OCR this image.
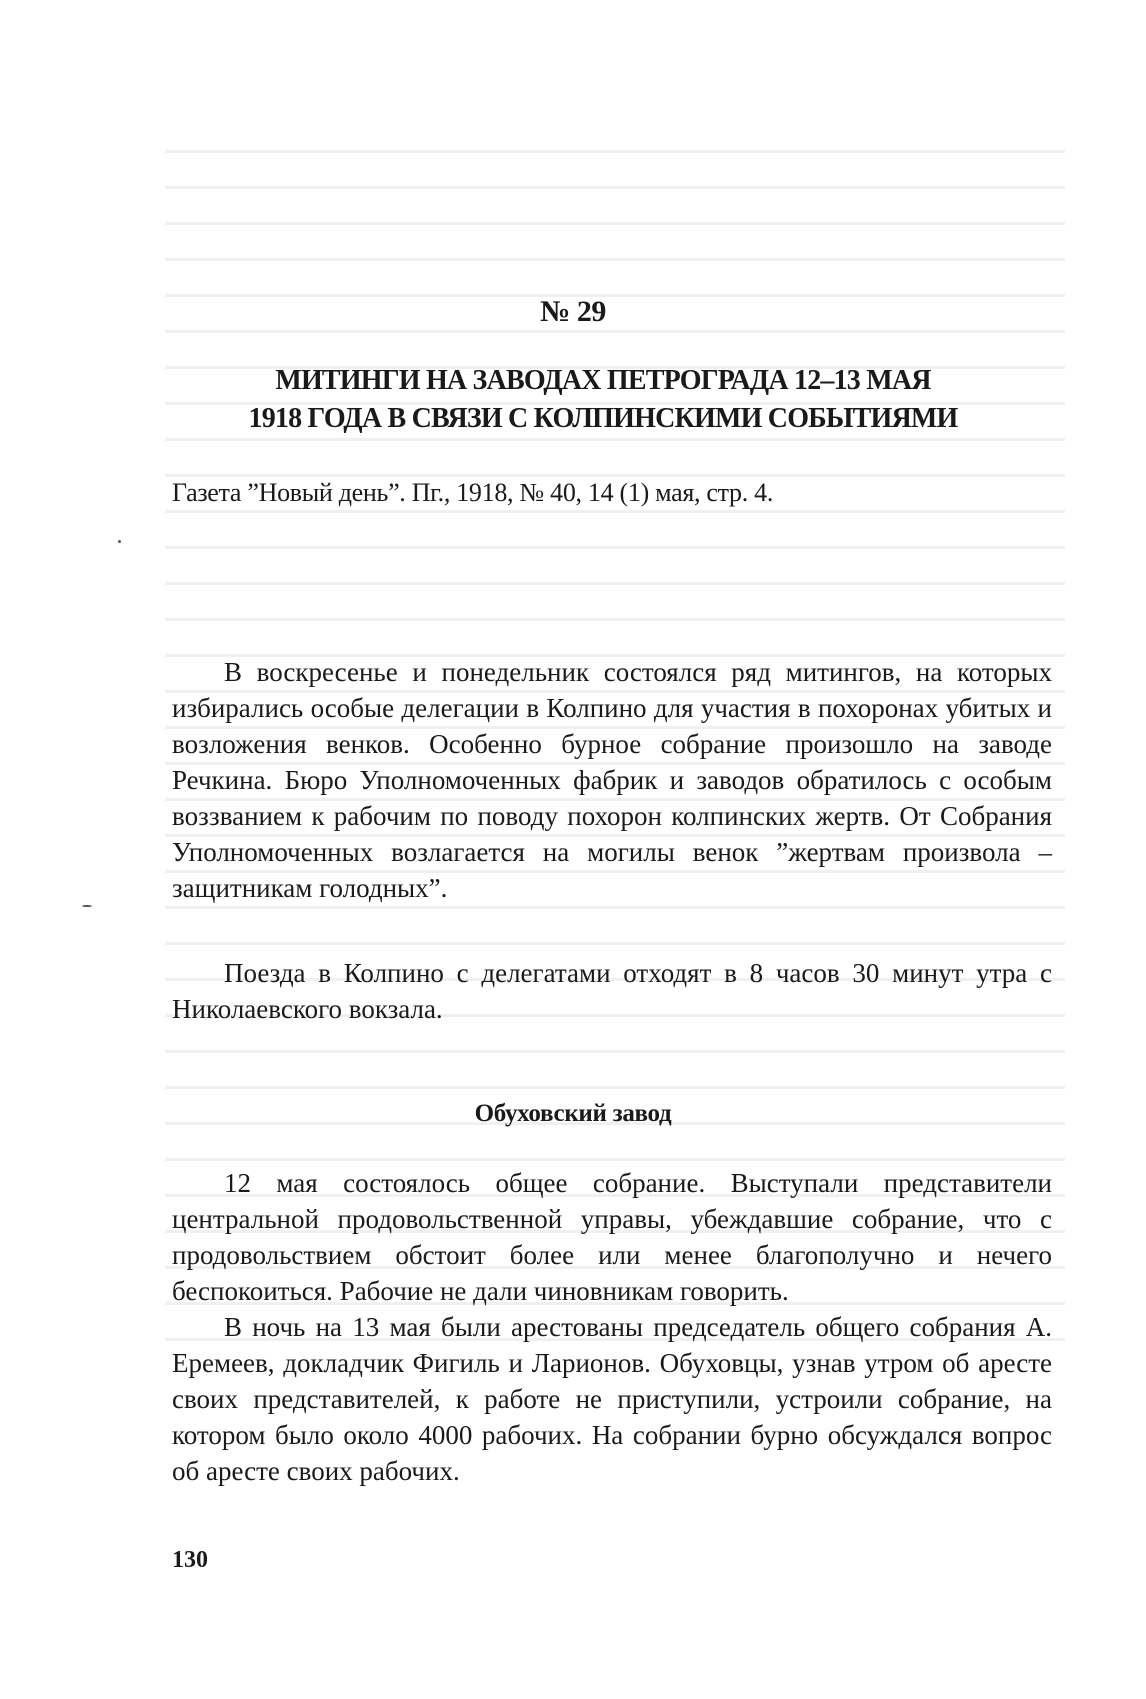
№ 29
МИТИНГИ НА ЗАВОДАХ ПЕТРОГРАДА 12–13 МАЯ
1918 ГОДА В СВЯЗИ С КОЛПИНСКИМИ СОБЫТИЯМИ
Газета ”Новый день”. Пг., 1918, № 40, 14 (1) мая, стр. 4.

В воскресенье и понедельник состоялся ряд митингов, на которых избирались особые делегации в Колпино для участия в похоронах убитых и возложения венков. Особенно бурное собрание произошло на заводе Речкина. Бюро Уполномоченных фабрик и заводов обратилось с особым воззванием к рабочим по поводу похорон колпинских жертв. От Собрания Уполномоченных возлагается на могилы венок ”жертвам произвола – защитникам голодных”.

Поезда в Колпино с делегатами отходят в 8 часов 30 минут утра с Николаевского вокзала.

Обуховский завод

12 мая состоялось общее собрание. Выступали представители центральной продовольственной управы, убеждавшие собрание, что с продовольствием обстоит более или менее благополучно и нечего беспокоиться. Рабочие не дали чиновникам говорить.

В ночь на 13 мая были арестованы председатель общего собрания А. Еремеев, докладчик Фигиль и Ларионов. Обуховцы, узнав утром об аресте своих представителей, к работе не приступили, устроили собрание, на котором было около 4000 рабочих. На собрании бурно обсуждался вопрос об аресте своих рабочих.

130
